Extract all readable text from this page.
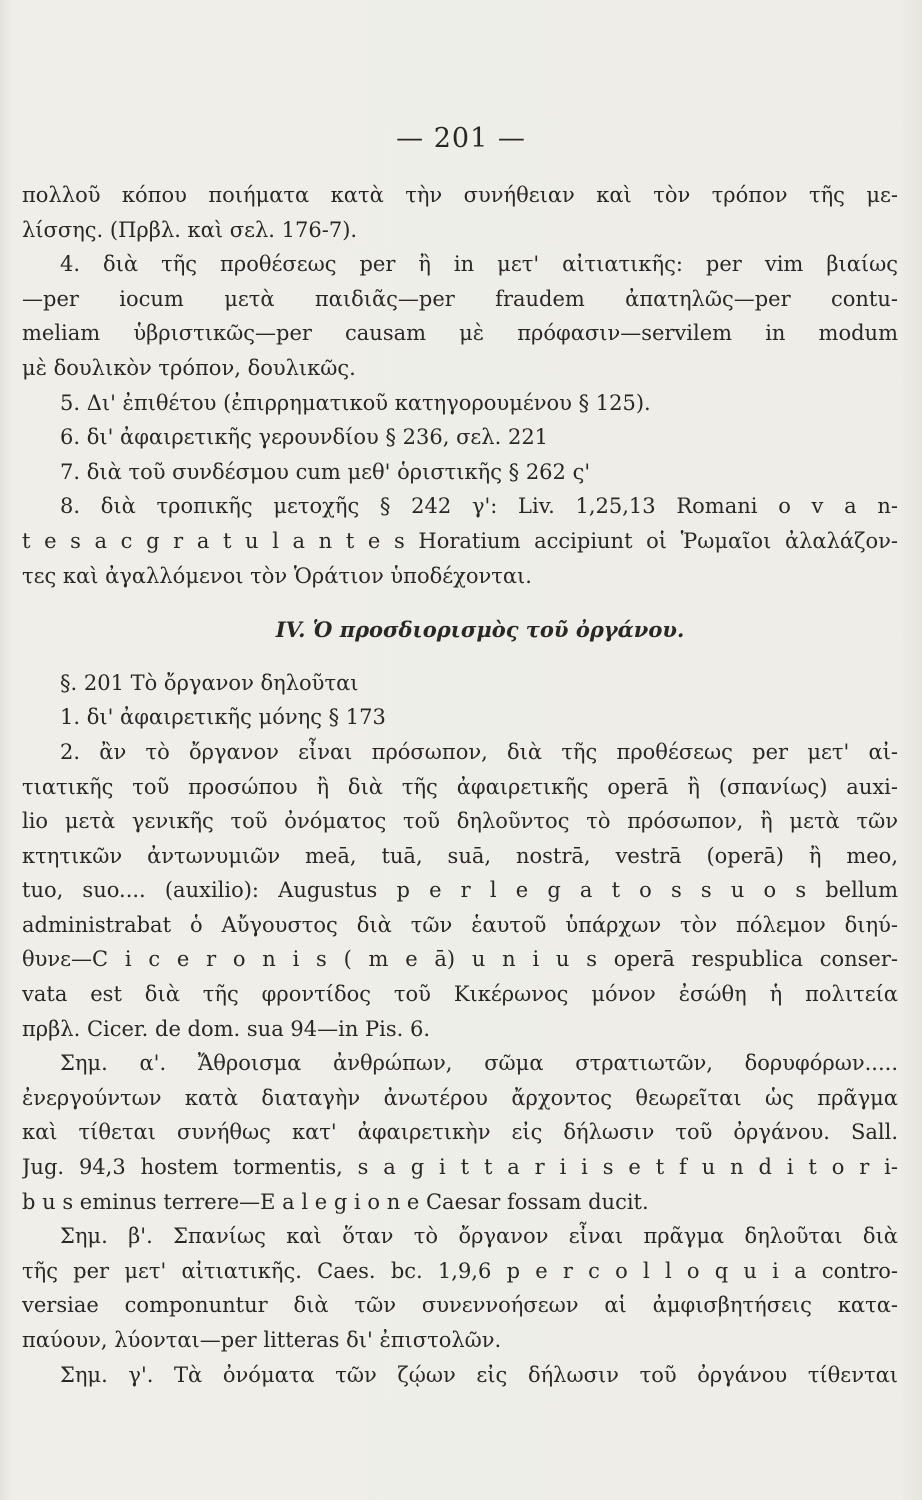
— 201 —
πολλοῦ κόπου ποιήματα κατὰ τὴν συνήθειαν καὶ τὸν τρόπον τῆς με-
λίσσης. (Πρβλ. καὶ σελ. 176-7).
4. διὰ τῆς προθέσεως per ἢ in μετ' αἰτιατικῆς: per vim βιαίως
—per iocum μετὰ παιδιᾶς—per fraudem ἀπατηλῶς—per contu-
meliam ὑβριστικῶς—per causam μὲ πρόφασιν—servilem in modum
μὲ δουλικὸν τρόπον, δουλικῶς.
5. Δι' ἐπιθέτου (ἐπιρρηματικοῦ κατηγορουμένου § 125).
6. δι' ἀφαιρετικῆς γερουνδίου § 236, σελ. 221
7. διὰ τοῦ συνδέσμου cum μεθ' ὁριστικῆς § 262 ς'
8. διὰ τροπικῆς μετοχῆς § 242 γ': Liv. 1,25,13 Romani o v a n-
t e s a c g r a t u l a n t e s Horatium accipiunt οἱ Ῥωμαῖοι ἀλαλάζον-
τες καὶ ἀγαλλόμενοι τὸν Ὁράτιον ὑποδέχονται.
IV. Ὁ προσδιορισμὸς τοῦ ὀργάνου.
§. 201 Τὸ ὄργανον δηλοῦται
1. δι' ἀφαιρετικῆς μόνης § 173
2. ἂν τὸ ὄργανον εἶναι πρόσωπον, διὰ τῆς προθέσεως per μετ' αἰ-
τιατικῆς τοῦ προσώπου ἢ διὰ τῆς ἀφαιρετικῆς operā ἢ (σπανίως) auxi-
lio μετὰ γενικῆς τοῦ ὀνόματος τοῦ δηλοῦντος τὸ πρόσωπον, ἢ μετὰ τῶν
κτητικῶν ἀντωνυμιῶν meā, tuā, suā, nostrā, vestrā (operā) ἢ meo,
tuo, suo.... (auxilio): Augustus p e r l e g a t o s s u o s bellum
administrabat ὁ Αὔγουστος διὰ τῶν ἑαυτοῦ ὑπάρχων τὸν πόλεμον διηύ-
θυνε—C i c e r o n i s ( m e ā) u n i u s operā respublica conser-
vata est διὰ τῆς φροντίδος τοῦ Κικέρωνος μόνον ἐσώθη ἡ πολιτεία
πρβλ. Cicer. de dom. sua 94—in Pis. 6.
Σημ. α'. Ἄθροισμα ἀνθρώπων, σῶμα στρατιωτῶν, δορυφόρων.....
ἐνεργούντων κατὰ διαταγὴν ἀνωτέρου ἄρχοντος θεωρεῖται ὡς πρᾶγμα
καὶ τίθεται συνήθως κατ' ἀφαιρετικὴν εἰς δήλωσιν τοῦ ὀργάνου. Sall.
Jug. 94,3 hostem tormentis, s a g i t t a r i i s e t f u n d i t o r i-
b u s eminus terrere—E a l e g i o n e Caesar fossam ducit.
Σημ. β'. Σπανίως καὶ ὅταν τὸ ὄργανον εἶναι πρᾶγμα δηλοῦται διὰ
τῆς per μετ' αἰτιατικῆς. Caes. bc. 1,9,6 p e r c o l l o q u i a contro-
versiae componuntur διὰ τῶν συνεννοήσεων αἱ ἀμφισβητήσεις κατα-
παύουν, λύονται—per litteras δι' ἐπιστολῶν.
Σημ. γ'. Τὰ ὀνόματα τῶν ζῴων εἰς δήλωσιν τοῦ ὀργάνου τίθενται
